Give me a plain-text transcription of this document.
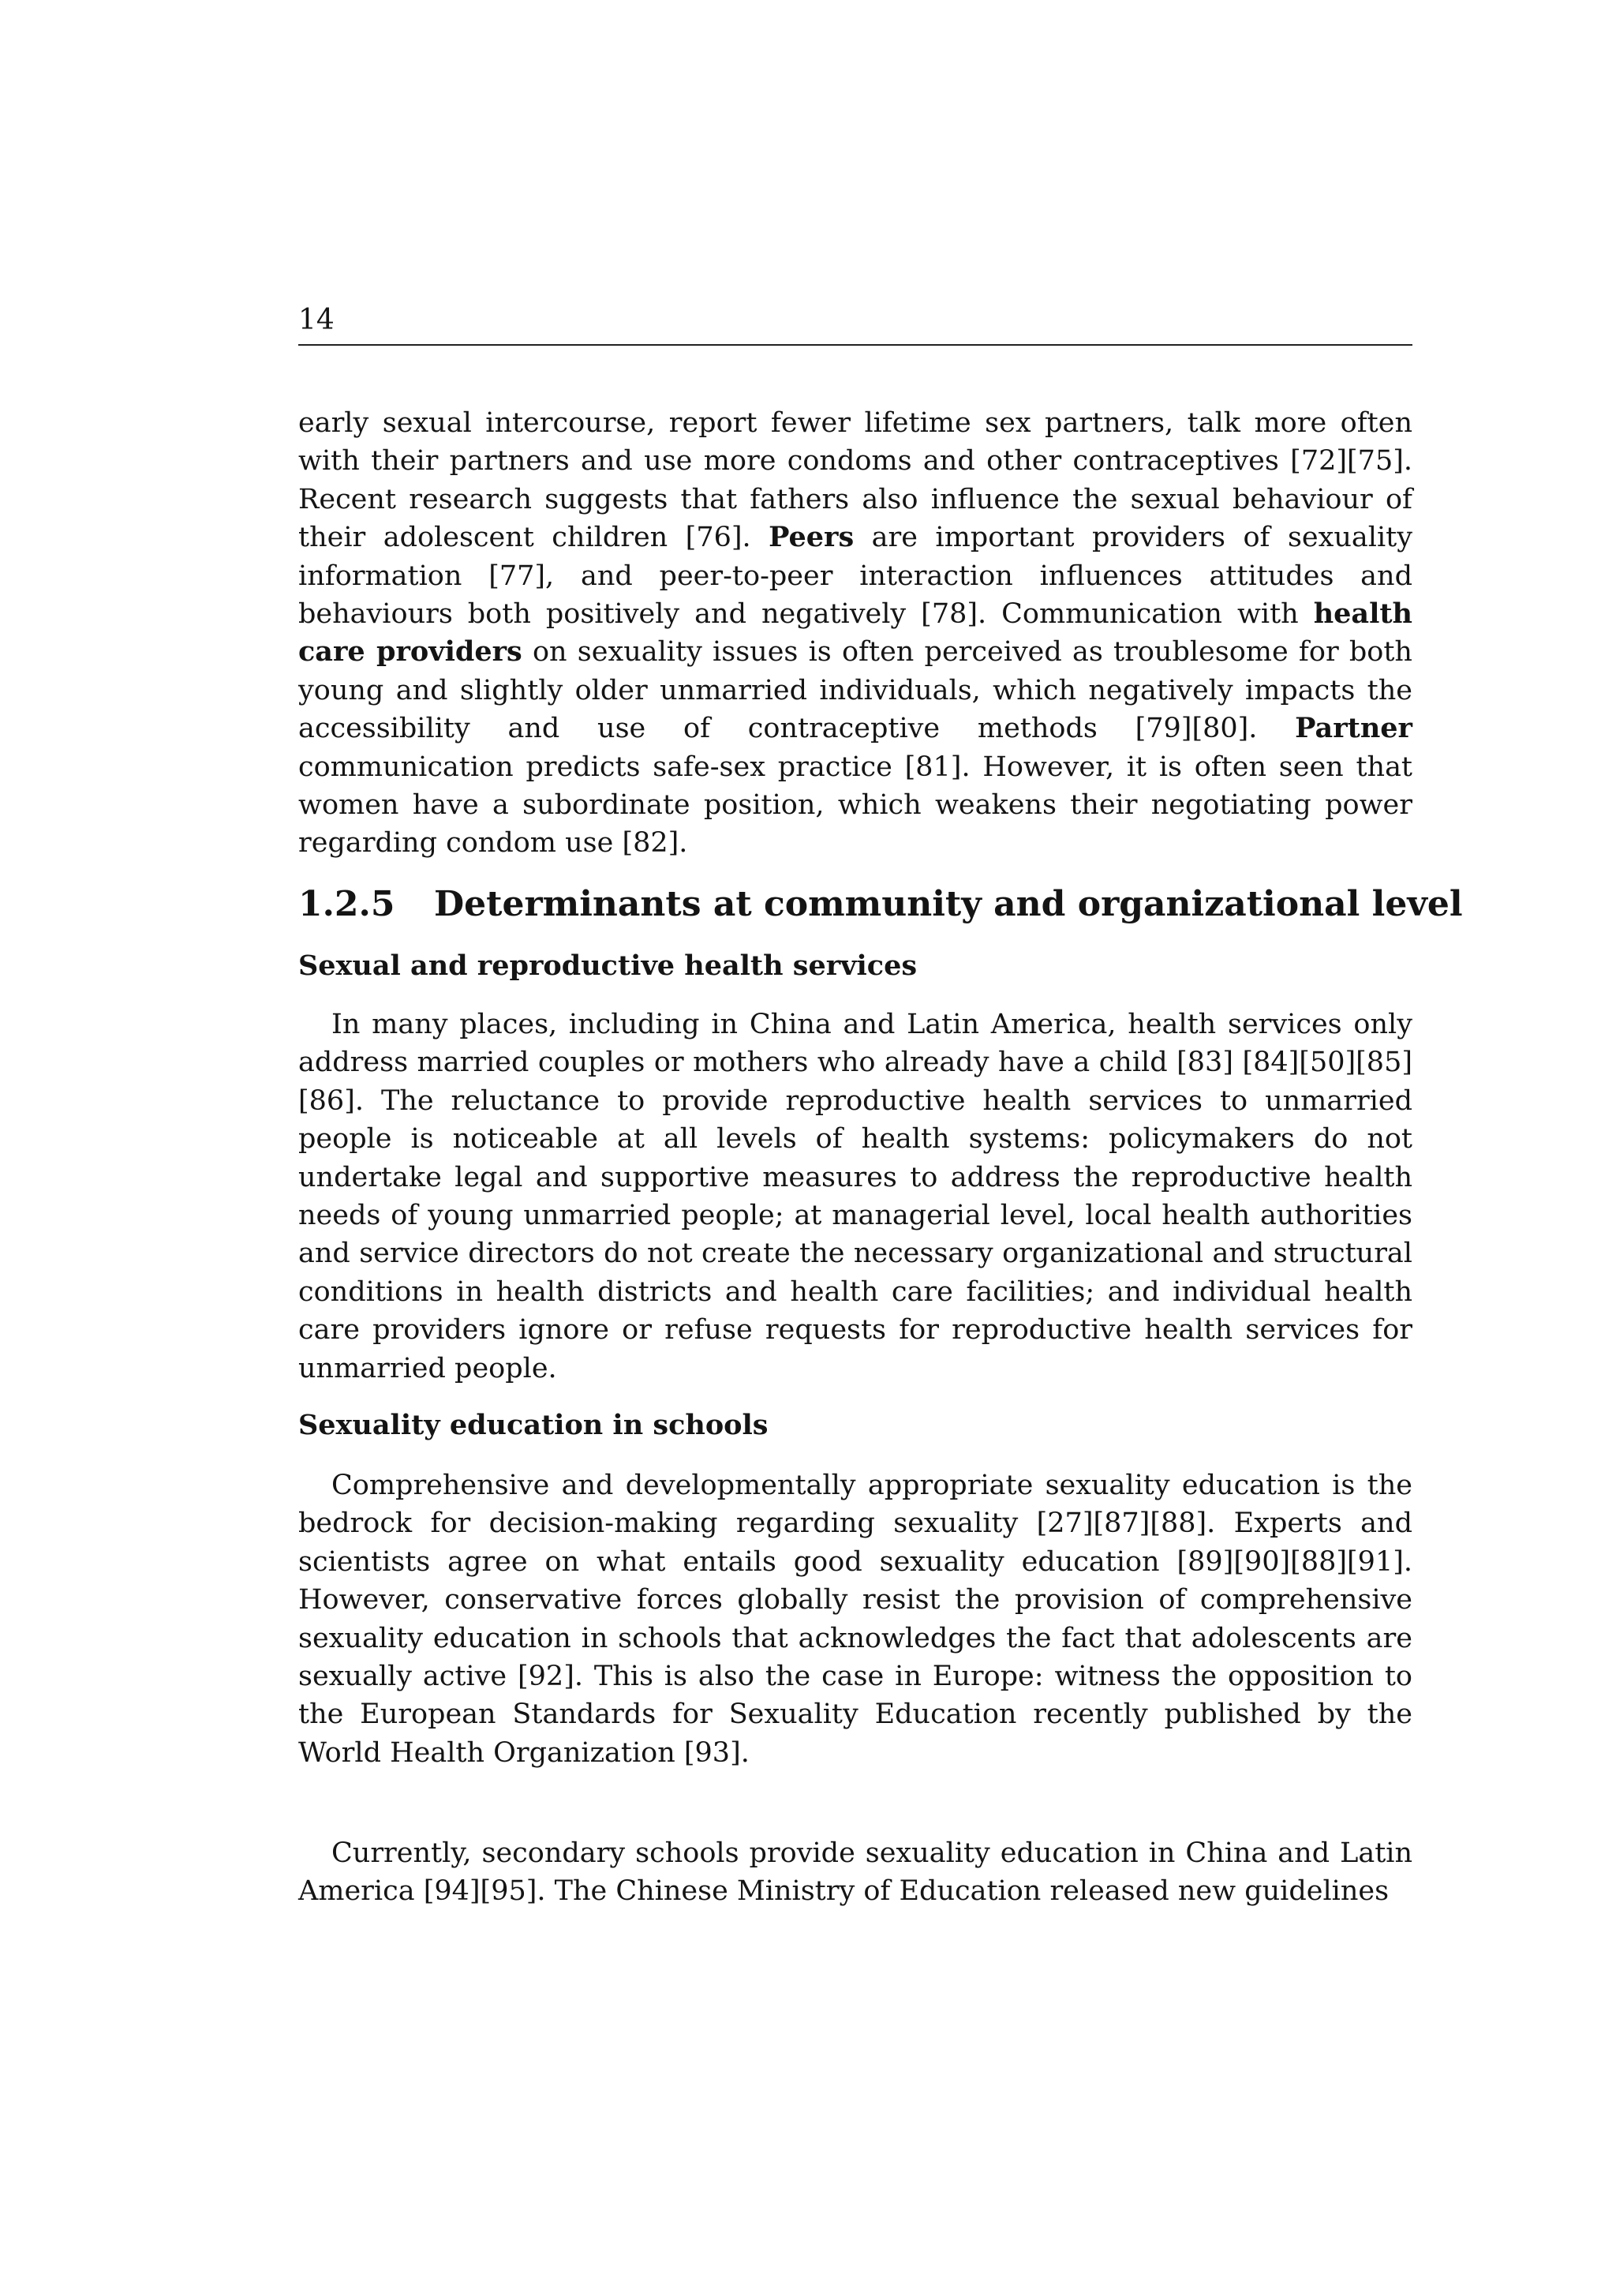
14

early sexual intercourse, report fewer lifetime sex partners, talk more often with their partners and use more condoms and other contraceptives [72][75]. Recent research suggests that fathers also influence the sexual behaviour of their adolescent children [76]. Peers are important providers of sexuality information [77], and peer-to-peer interaction influences attitudes and behaviours both positively and negatively [78]. Communication with health care providers on sexuality issues is often perceived as troublesome for both young and slightly older unmarried individuals, which negatively impacts the accessibility and use of contraceptive methods [79][80]. Partner communication predicts safe-sex practice [81]. However, it is often seen that women have a subordinate position, which weakens their negotiating power regarding condom use [82].

1.2.5 Determinants at community and organizational level
Sexual and reproductive health services

In many places, including in China and Latin America, health services only address married couples or mothers who already have a child [83] [84][50][85][86]. The reluctance to provide reproductive health services to unmarried people is noticeable at all levels of health systems: policymakers do not undertake legal and supportive measures to address the reproductive health needs of young unmarried people; at managerial level, local health authorities and service directors do not create the necessary organizational and structural conditions in health districts and health care facilities; and individual health care providers ignore or refuse requests for reproductive health services for unmarried people.

Sexuality education in schools

Comprehensive and developmentally appropriate sexuality education is the bedrock for decision-making regarding sexuality [27][87][88]. Experts and scientists agree on what entails good sexuality education [89][90][88][91]. However, conservative forces globally resist the provision of comprehensive sexuality education in schools that acknowledges the fact that adolescents are sexually active [92]. This is also the case in Europe: witness the opposition to the European Standards for Sexuality Education recently published by the World Health Organization [93].

Currently, secondary schools provide sexuality education in China and Latin America [94][95]. The Chinese Ministry of Education released new guidelines
